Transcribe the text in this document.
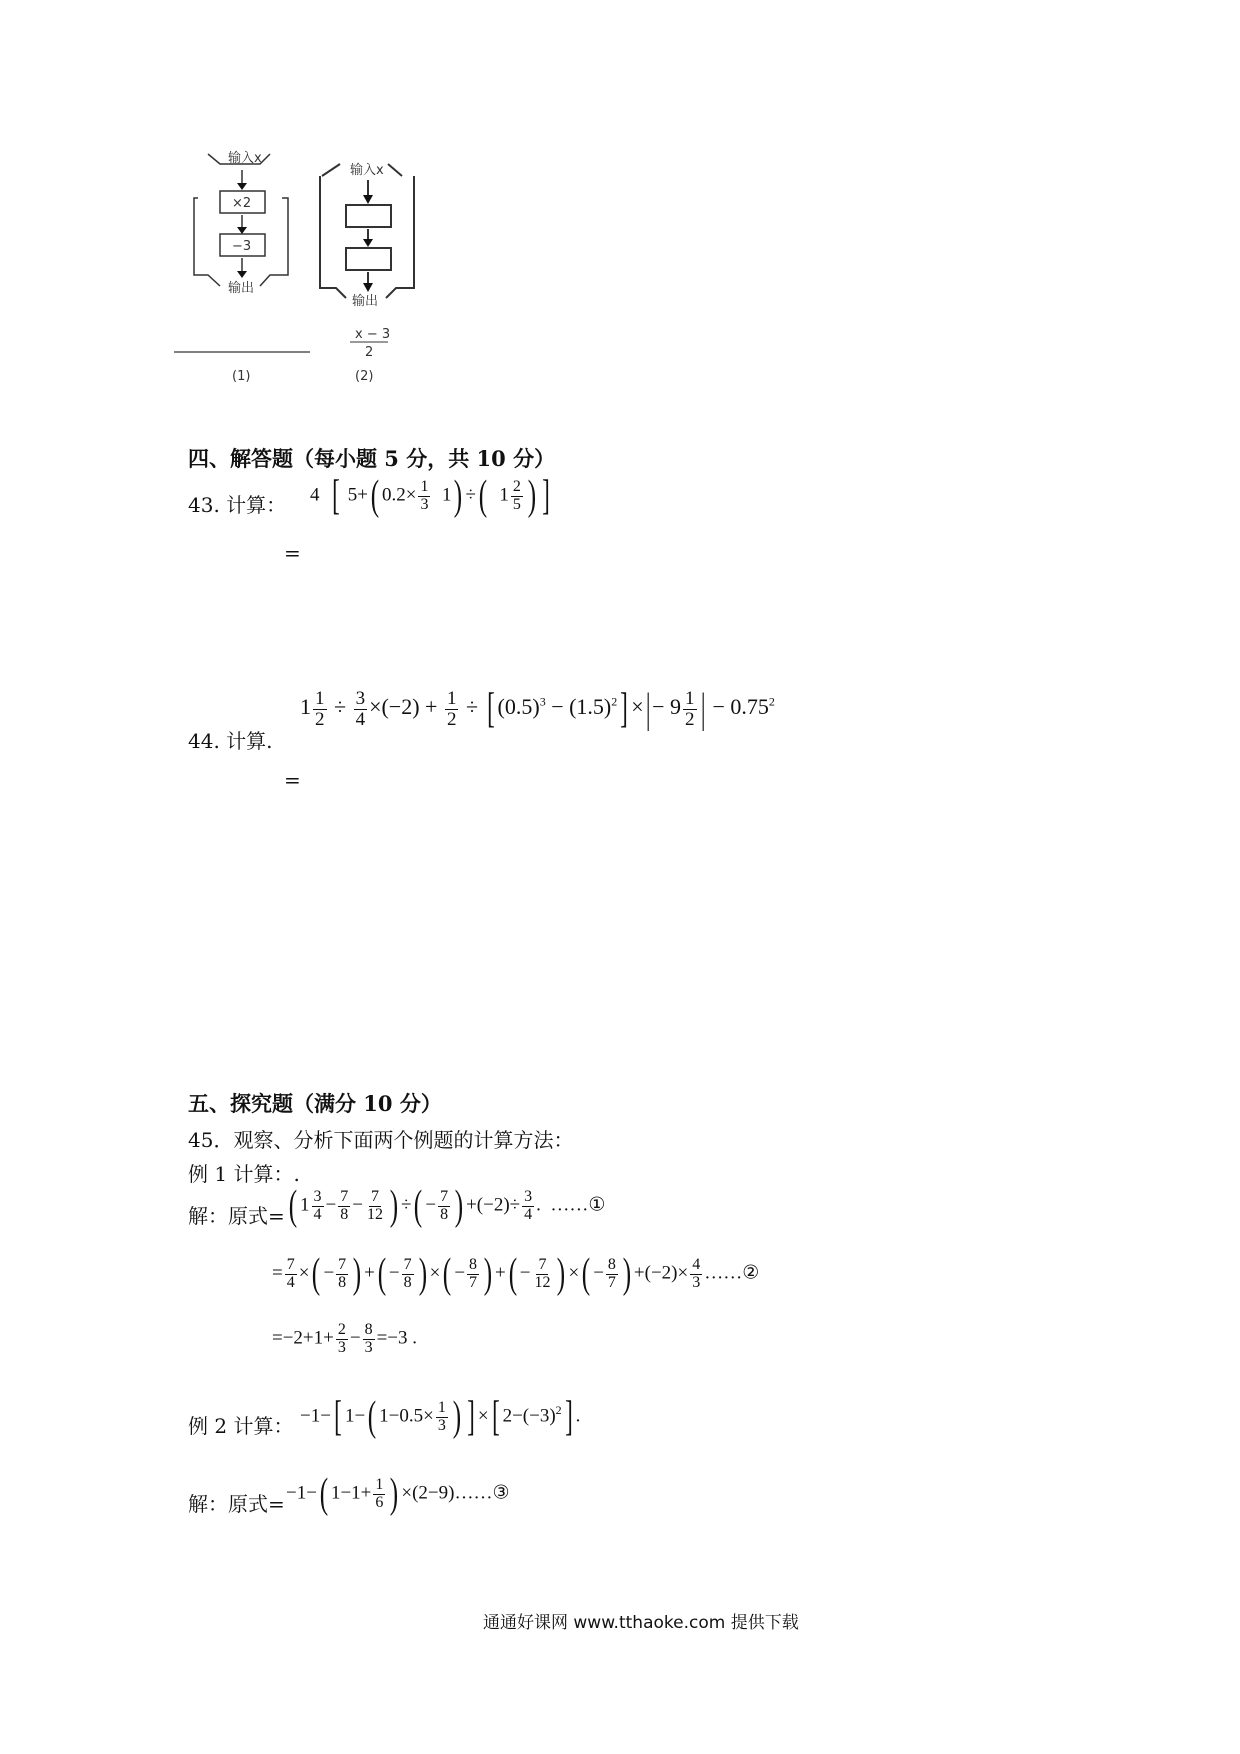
输入x
×2
−3
输出
输入x
输出
x − 3
2
(1)	(2)
四、解答题（每小题 5 分，共 10 分）
43. 计算： 4  [ 5+( $0.2\times \frac{1}{3} 1$) ÷(  $1 \frac{2}{5}$ ) ]
=
44. 计算.
$1 \frac{1}{2} \div \frac{3}{4} \times(-2) + \frac{1}{2}$ ÷ [ $(0.5)^3 - (1.5)^2$] ×|− $9 \frac{1}{2}$ | − $0.75^2$
=
五、探究题（满分 10 分）
45．观察、分析下面两个例题的计算方法：
例 1 计算：.
解：原式= ( $1 \frac{3}{4} - \frac{7}{8} - \frac{7}{12}$ ) ÷( − $\frac{7}{8}$ ) $+(-2)\div \frac{3}{4}$ .  ……①
= $\frac{7}{4}$ ×( − $\frac{7}{8}$ ) +( − $\frac{7}{8}$ ) ×( − $\frac{8}{7}$ ) +( − $\frac{7}{12}$ ) ×( − $\frac{8}{7}$ ) $+(-2)\times \frac{4}{3}$ ……②
$=-2+1+ \frac{2}{3} - \frac{8}{3} =-3$ .
例 2 计算： −1−[ 1−( $1-0.5\times \frac{1}{3}$ ) ] ×[ $2-(-3)^2$] .
解：原式= −1−( $1-1+ \frac{1}{6}$ ) ×(2−9)……③
通通好课网 www.tthaoke.com 提供下载
